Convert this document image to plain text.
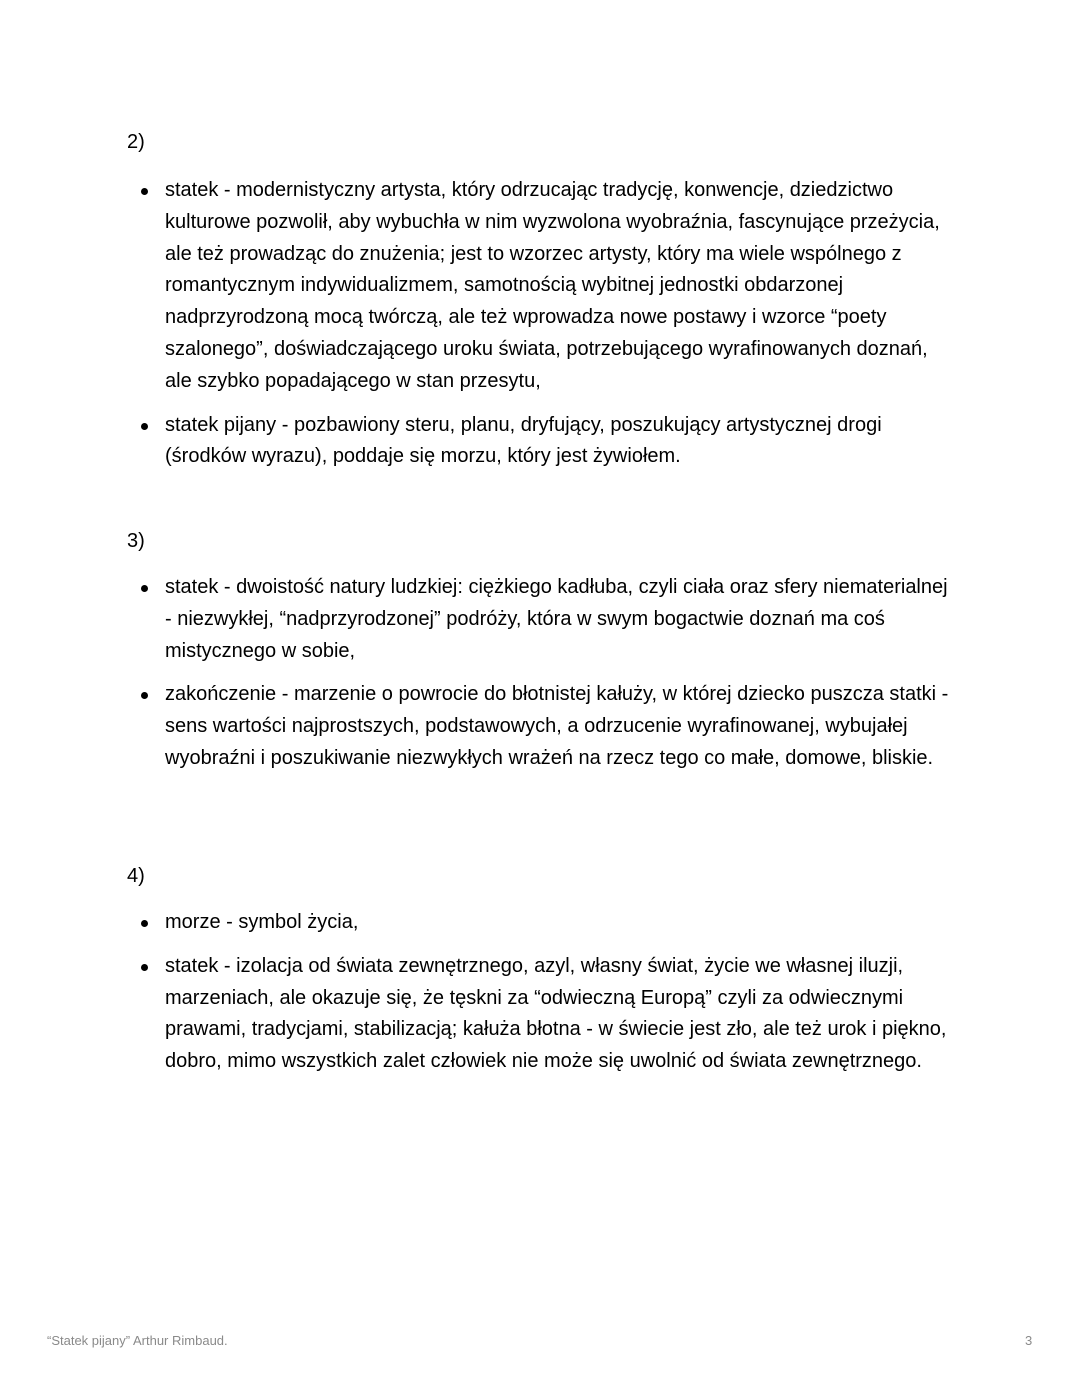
2)

statek - modernistyczny artysta, który odrzucając tradycję, konwencje, dziedzictwo kulturowe pozwolił, aby wybuchła w nim wyzwolona wyobraźnia, fascynujące przeżycia, ale też prowadząc do znużenia; jest to wzorzec artysty, który ma wiele wspólnego z romantycznym indywidualizmem, samotnością wybitnej jednostki obdarzonej nadprzyrodzoną mocą twórczą, ale też wprowadza nowe postawy i wzorce “poety szalonego”, doświadczającego uroku świata, potrzebującego wyrafinowanych doznań, ale szybko popadającego w stan przesytu,
statek pijany - pozbawiony steru, planu, dryfujący, poszukujący artystycznej drogi (środków wyrazu), poddaje się morzu, który jest żywiołem.

3)

statek - dwoistość natury ludzkiej: ciężkiego kadłuba, czyli ciała oraz sfery niematerialnej - niezwykłej, “nadprzyrodzonej” podróży, która w swym bogactwie doznań ma coś mistycznego w sobie,
zakończenie - marzenie o powrocie do błotnistej kałuży, w której dziecko puszcza statki - sens wartości najprostszych, podstawowych, a odrzucenie wyrafinowanej, wybujałej wyobraźni i poszukiwanie niezwykłych wrażeń na rzecz tego co małe, domowe, bliskie.

4)

morze - symbol życia,
statek - izolacja od świata zewnętrznego, azyl, własny świat, życie we własnej iluzji, marzeniach, ale okazuje się, że tęskni za “odwieczną Europą” czyli za odwiecznymi prawami, tradycjami, stabilizacją; kałuża błotna - w świecie jest zło, ale też urok i piękno, dobro, mimo wszystkich zalet człowiek nie może się uwolnić od świata zewnętrznego.
“Statek pijany” Arthur Rimbaud.	3
